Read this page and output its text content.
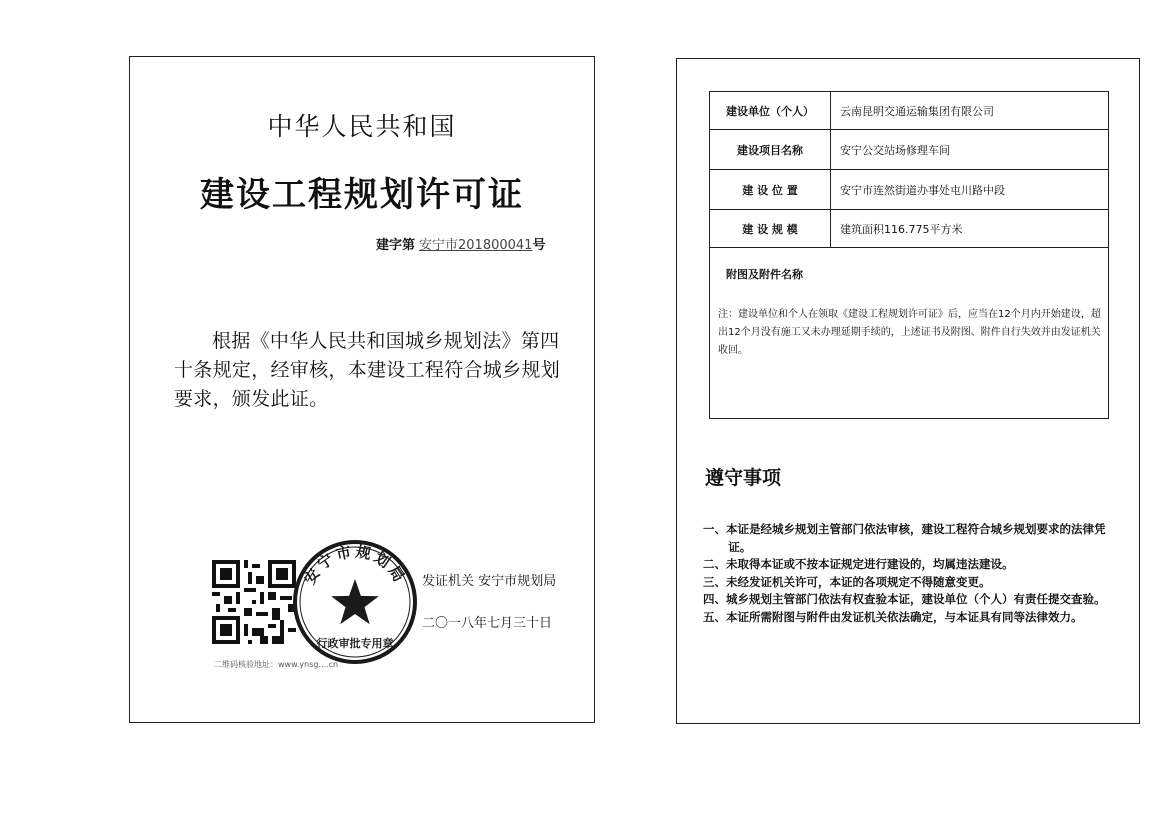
中华人民共和国
建设工程规划许可证
建字第 安宁市201800041号
根据《中华人民共和国城乡规划法》第四十条规定，经审核，本建设工程符合城乡规划要求，颁发此证。
发证机关 安宁市规划局
二〇一八年七月三十日
二维码核验地址：www.ynsg....cn
安宁市规划局
行政审批专用章
建设单位（个人）	云南昆明交通运输集团有限公司
建设项目名称	安宁公交站场修理车间
建 设 位 置	安宁市连然街道办事处屯川路中段
建 设 规 模	建筑面积116.775平方米
附图及附件名称
注：建设单位和个人在领取《建设工程规划许可证》后，应当在12个月内开始建设，超出12个月没有施工又未办理延期手续的，上述证书及附图、附件自行失效并由发证机关收回。
遵守事项
一、本证是经城乡规划主管部门依法审核，建设工程符合城乡规划要求的法律凭证。
二、未取得本证或不按本证规定进行建设的，均属违法建设。
三、未经发证机关许可，本证的各项规定不得随意变更。
四、城乡规划主管部门依法有权查验本证，建设单位（个人）有责任提交查验。
五、本证所需附图与附件由发证机关依法确定，与本证具有同等法律效力。
